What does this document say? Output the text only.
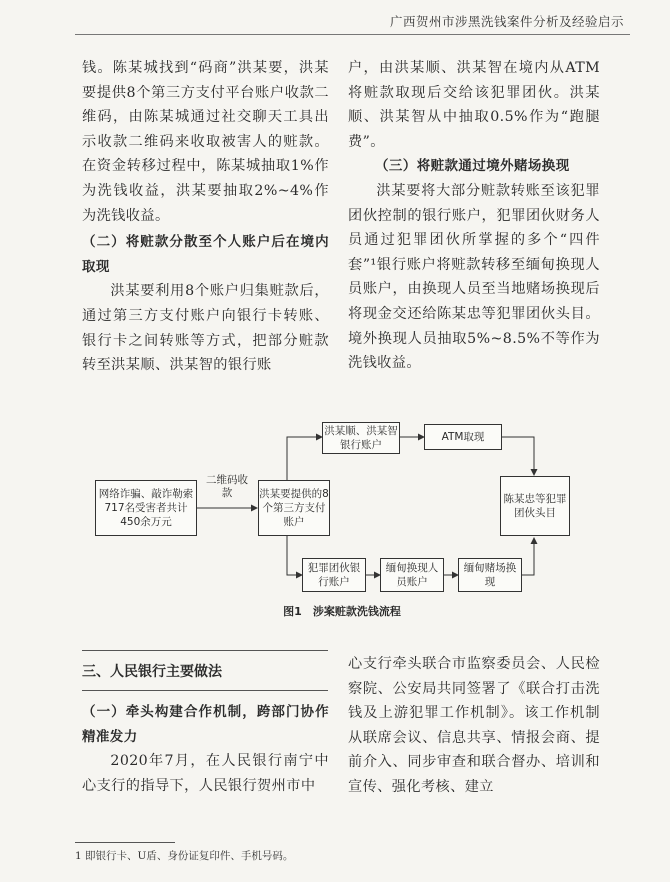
广西贺州市涉黑洗钱案件分析及经验启示

钱。陈某城找到“码商”洪某要，洪某要提供8个第三方支付平台账户收款二维码，由陈某城通过社交聊天工具出示收款二维码来收取被害人的赃款。在资金转移过程中，陈某城抽取1%作为洗钱收益，洪某要抽取2%~4%作为洗钱收益。

（二）将赃款分散至个人账户后在境内取现

洪某要利用8个账户归集赃款后，通过第三方支付账户向银行卡转账、银行卡之间转账等方式，把部分赃款转至洪某顺、洪某智的银行账

户，由洪某顺、洪某智在境内从ATM将赃款取现后交给该犯罪团伙。洪某顺、洪某智从中抽取0.5%作为“跑腿费”。

（三）将赃款通过境外赌场换现

洪某要将大部分赃款转账至该犯罪团伙控制的银行账户，犯罪团伙财务人员通过犯罪团伙所掌握的多个“四件套”¹银行账户将赃款转移至缅甸换现人员账户，由换现人员至当地赌场换现后将现金交还给陈某忠等犯罪团伙头目。境外换现人员抽取5%~8.5%不等作为洗钱收益。

网络诈骗、敲诈勒索717名受害者共计450余万元
二维码收款	洪某要提供的8个第三方支付账户
洪某顺、洪某智银行账户
ATM取现
陈某忠等犯罪团伙头目
犯罪团伙银行账户
缅甸换现人员账户
缅甸赌场换现
图1　涉案赃款洗钱流程
三、人民银行主要做法

（一）牵头构建合作机制，跨部门协作精准发力

2020年7月，在人民银行南宁中心支行的指导下，人民银行贺州市中

心支行牵头联合市监察委员会、人民检察院、公安局共同签署了《联合打击洗钱及上游犯罪工作机制》。该工作机制从联席会议、信息共享、情报会商、提前介入、同步审查和联合督办、培训和宣传、强化考核、建立

1 即银行卡、U盾、身份证复印件、手机号码。
